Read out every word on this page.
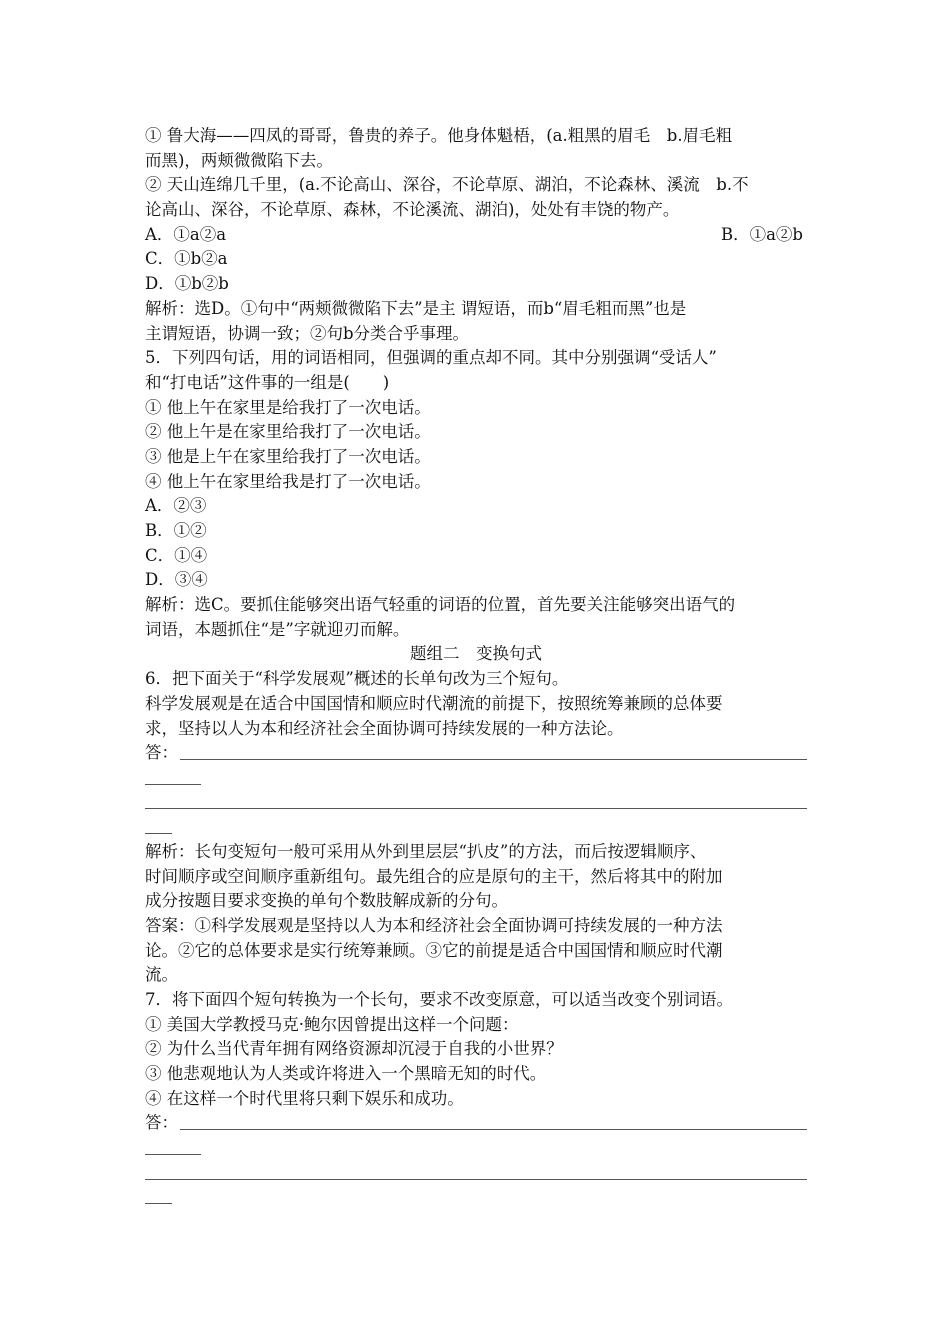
① 鲁大海——四凤的哥哥，鲁贵的养子。他身体魁梧，(a.粗黑的眉毛　b.眉毛粗
而黑)，两颊微微陷下去。
② 天山连绵几千里，(a.不论高山、深谷，不论草原、湖泊，不论森林、溪流　b.不
论高山、深谷，不论草原、森林，不论溪流、湖泊)，处处有丰饶的物产。
A．①a②a	B．①a②b
C．①b②a
D．①b②b
解析：选D。①句中“两颊微微陷下去”是主 谓短语，而b“眉毛粗而黑”也是
主谓短语，协调一致；②句b分类合乎事理。
5．下列四句话，用的词语相同，但强调的重点却不同。其中分别强调“受话人”
和“打电话”这件事的一组是(　　)
① 他上午在家里是给我打了一次电话。
② 他上午是在家里给我打了一次电话。
③ 他是上午在家里给我打了一次电话。
④ 他上午在家里给我是打了一次电话。
A．②③
B．①②
C．①④
D．③④
解析：选C。要抓住能够突出语气轻重的词语的位置，首先要关注能够突出语气的
词语，本题抓住“是”字就迎刃而解。
题组二　变换句式
6．把下面关于“科学发展观”概述的长单句改为三个短句。
科学发展观是在适合中国国情和顺应时代潮流的前提下，按照统筹兼顾的总体要
求，坚持以人为本和经济社会全面协调可持续发展的一种方法论。
答：
解析：长句变短句一般可采用从外到里层层“扒皮”的方法，而后按逻辑顺序、
时间顺序或空间顺序重新组句。最先组合的应是原句的主干，然后将其中的附加
成分按题目要求变换的单句个数肢解成新的分句。
答案：①科学发展观是坚持以人为本和经济社会全面协调可持续发展的一种方法
论。②它的总体要求是实行统筹兼顾。③它的前提是适合中国国情和顺应时代潮
流。
7．将下面四个短句转换为一个长句，要求不改变原意，可以适当改变个别词语。
① 美国大学教授马克·鲍尔因曾提出这样一个问题：
② 为什么当代青年拥有网络资源却沉浸于自我的小世界？
③ 他悲观地认为人类或许将进入一个黑暗无知的时代。
④ 在这样一个时代里将只剩下娱乐和成功。
答：
